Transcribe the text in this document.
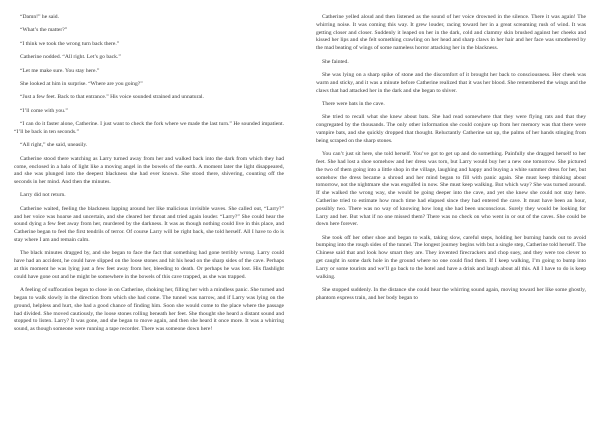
“Damn!” he said.

“What’s the matter?”

“I think we took the wrong turn back there.”

Catherine nodded. “All right. Let’s go back.”

“Let me make sure. You stay here.”

She looked at him in surprise. “Where are you going?”

“Just a few feet. Back to that entrance.” His voice sounded strained and unnatural.

“I’ll come with you.”

“I can do it faster alone, Catherine. I just want to check the fork where we made the last turn.” He sounded impatient. “I’ll be back in ten seconds.”

“All right,” she said, uneasily.

Catherine stood there watching as Larry turned away from her and walked back into the dark from which they had come, enclosed in a halo of light like a moving angel in the bowels of the earth. A moment later the light disappeared, and she was plunged into the deepest blackness she had ever known. She stood there, shivering, counting off the seconds in her mind. And then the minutes.

Larry did not return.

Catherine waited, feeling the blackness lapping around her like malicious invisible waves. She called out, “Larry?” and her voice was hoarse and uncertain, and she cleared her throat and tried again louder. “Larry?” She could hear the sound dying a few feet away from her, murdered by the darkness. It was as though nothing could live in this place, and Catherine began to feel the first tendrils of terror. Of course Larry will be right back, she told herself. All I have to do is stay where I am and remain calm.

The black minutes dragged by, and she began to face the fact that something had gone terribly wrong. Larry could have had an accident, he could have slipped on the loose stones and hit his head on the sharp sides of the cave. Perhaps at this moment he was lying just a few feet away from her, bleeding to death. Or perhaps he was lost. His flashlight could have gone out and he might be somewhere in the bowels of this cave trapped, as she was trapped.

A feeling of suffocation began to close in on Catherine, choking her, filling her with a mindless panic. She turned and began to walk slowly in the direction from which she had come. The tunnel was narrow, and if Larry was lying on the ground, helpless and hurt, she had a good chance of finding him. Soon she would come to the place where the passage had divided. She moved cautiously, the loose stones rolling beneath her feet. She thought she heard a distant sound and stopped to listen. Larry? It was gone, and she began to move again, and then she heard it once more. It was a whirring sound, as though someone were running a tape recorder. There was someone down here!

Catherine yelled aloud and then listened as the sound of her voice drowned in the silence. There it was again! The whirring noise. It was coming this way. It grew louder, racing toward her in a great screaming rush of wind. It was getting closer and closer. Suddenly it leaped on her in the dark, cold and clammy skin brushed against her cheeks and kissed her lips and she felt something crawling on her head and sharp claws in her hair and her face was smothered by the mad beating of wings of some nameless horror attacking her in the blackness.

She fainted.

She was lying on a sharp spike of stone and the discomfort of it brought her back to consciousness. Her cheek was warm and sticky, and it was a minute before Catherine realized that it was her blood. She remembered the wings and the claws that had attacked her in the dark and she began to shiver.

There were bats in the cave.

She tried to recall what she knew about bats. She had read somewhere that they were flying rats and that they congregated by the thousands. The only other information she could conjure up from her memory was that there were vampire bats, and she quickly dropped that thought. Reluctantly Catherine sat up, the palms of her hands stinging from being scraped on the sharp stones.

You can’t just sit here, she told herself. You’ve got to get up and do something. Painfully she dragged herself to her feet. She had lost a shoe somehow and her dress was torn, but Larry would buy her a new one tomorrow. She pictured the two of them going into a little shop in the village, laughing and happy and buying a white summer dress for her, but somehow the dress became a shroud and her mind began to fill with panic again. She must keep thinking about tomorrow, not the nightmare she was engulfed in now. She must keep walking. But which way? She was turned around. If she walked the wrong way, she would be going deeper into the cave, and yet she knew she could not stay here. Catherine tried to estimate how much time had elapsed since they had entered the cave. It must have been an hour, possibly two. There was no way of knowing how long she had been unconscious. Surely they would be looking for Larry and her. But what if no one missed them? There was no check on who went in or out of the caves. She could be down here forever.

She took off her other shoe and began to walk, taking slow, careful steps, holding her burning hands out to avoid bumping into the rough sides of the tunnel. The longest journey begins with but a single step, Catherine told herself. The Chinese said that and look how smart they are. They invented firecrackers and chop suey, and they were too clever to get caught in some dark hole in the ground where no one could find them. If I keep walking, I’m going to bump into Larry or some tourists and we’ll go back to the hotel and have a drink and laugh about all this. All I have to do is keep walking.

She stopped suddenly. In the distance she could hear the whirring sound again, moving toward her like some ghostly, phantom express train, and her body began to
